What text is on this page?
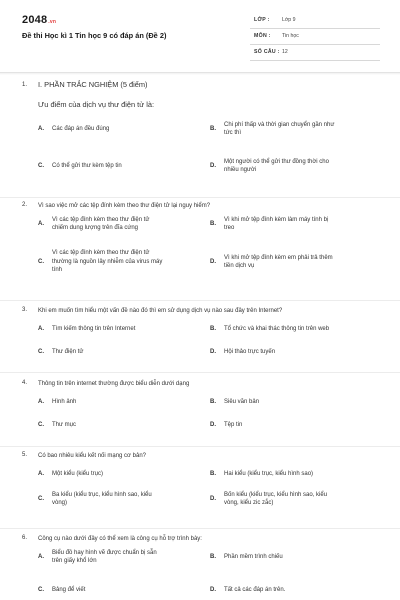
2048.vn
Đề thi Học kì 1 Tin học 9 có đáp án (Đề 2)
LỚP : Lớp 9
MÔN : Tin học
SỐ CÂU : 12
1. I. PHẦN TRẮC NGHIỆM (5 điểm)
Ưu điểm của dịch vụ thư điện tử là:
A. Các đáp án đều đúng	B.
Chi phí thấp và thời gian chuyển gần như
tức thì
C. Có thể gửi thư kèm tệp tin	D.
Một người có thể gửi thư đồng thời cho
nhiều người
2. Vì sao việc mở các tệp đính kèm theo thư điện tử lại nguy hiểm?
A.
Vì các tệp đính kèm theo thư điện tử
chiếm dung lượng trên đĩa cứng
B.
Vì khi mở tệp đính kèm làm máy tính bị
treo
C.
Vì các tệp đính kèm theo thư điện tử
thường là nguồn lây nhiễm của virus máy
tính
D.
Vì khi mở tệp đính kèm em phải trả thêm
tiền dịch vụ
3. Khi em muốn tìm hiểu một vấn đề nào đó thì em sử dụng dịch vụ nào sau đây trên Internet?
A. Tìm kiếm thông tin trên Internet	B. Tổ chức và khai thác thông tin trên web
C. Thư điện tử	D. Hội thảo trực tuyến
4. Thông tin trên internet thường được biểu diễn dưới dạng
A. Hình ảnh	B. Siêu văn bản
C. Thư mục	D. Tệp tin
5. Có bao nhiêu kiểu kết nối mạng cơ bản?
A. Một kiểu (kiểu trục)	B. Hai kiểu (kiểu trục, kiểu hình sao)
C.
Ba kiểu (kiểu trục, kiểu hình sao, kiểu
vòng)
D.
Bốn kiểu (kiểu trục, kiểu hình sao, kiểu
vòng, kiểu zic zắc)
6. Công cụ nào dưới đây có thể xem là công cụ hỗ trợ trình bày:
A.
Biểu đồ hay hình vẽ được chuẩn bị sẵn
trên giấy khổ lớn
B. Phần mềm trình chiếu
C. Bảng để viết	D. Tất cả các đáp án trên.
